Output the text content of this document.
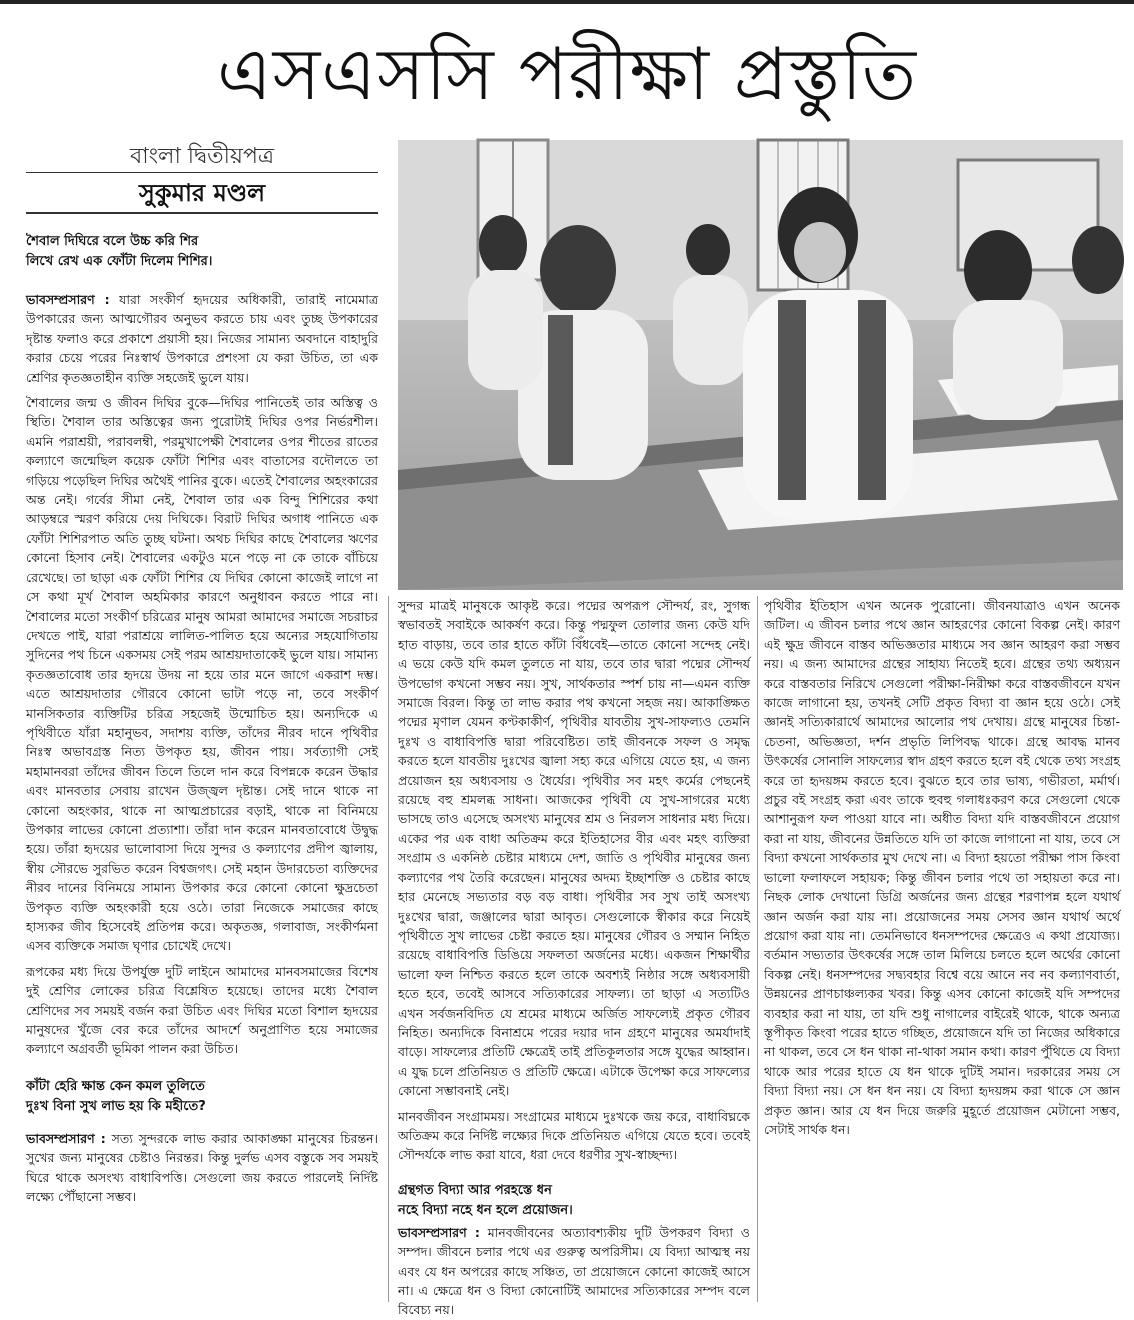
এসএসসি পরীক্ষা প্রস্তুতি
বাংলা দ্বিতীয়পত্র
সুকুমার মণ্ডল

শৈবাল দিঘিরে বলে উচ্চ করি শির
লিখে রেখ এক ফোঁটা দিলেম শিশির।

ভাবসম্প্রসারণ : যারা সংকীর্ণ হৃদয়ের অধিকারী, তারাই নামেমাত্র উপকারের জন্য আত্মগৌরব অনুভব করতে চায় এবং তুচ্ছ উপকারের দৃষ্টান্ত ফলাও করে প্রকাশে প্রয়াসী হয়। নিজের সামান্য অবদানে বাহাদুরি করার চেয়ে পরের নিঃস্বার্থ উপকারে প্রশংসা যে করা উচিত, তা এক শ্রেণির কৃতজ্ঞতাহীন ব্যক্তি সহজেই ভুলে যায়।

শৈবালের জন্ম ও জীবন দিঘির বুকে—দিঘির পানিতেই তার অস্তিত্ব ও স্থিতি। শৈবাল তার অস্তিত্বের জন্য পুরোটাই দিঘির ওপর নির্ভরশীল। এমনি পরাশ্রয়ী, পরাবলম্বী, পরমুখাপেক্ষী শৈবালের ওপর শীতের রাতের কল্যাণে জন্মেছিল কয়েক ফোঁটা শিশির এবং বাতাসের বদৌলতে তা গড়িয়ে পড়েছিল দিঘির অথৈই পানির বুকে। এতেই শৈবালের অহংকারের অন্ত নেই। গর্বের সীমা নেই, শৈবাল তার এক বিন্দু শিশিরের কথা আড়ম্বরে স্মরণ করিয়ে দেয় দিঘিকে। বিরাট দিঘির অগাধ পানিতে এক ফোঁটা শিশিরপাত অতি তুচ্ছ ঘটনা। অথচ দিঘির কাছে শৈবালের ঋণের কোনো হিসাব নেই। শৈবালের একটুও মনে পড়ে না কে তাকে বাঁচিয়ে রেখেছে। তা ছাড়া এক ফোঁটা শিশির যে দিঘির কোনো কাজেই লাগে না সে কথা মূর্খ শৈবাল অহমিকার কারণে অনুধাবন করতে পারে না। শৈবালের মতো সংকীর্ণ চরিত্রের মানুষ আমরা আমাদের সমাজে সচরাচর দেখতে পাই, যারা পরাশ্রয়ে লালিত-পালিত হয়ে অন্যের সহযোগিতায় সুদিনের পথ চিনে একসময় সেই পরম আশ্রয়দাতাকেই ভুলে যায়। সামান্য কৃতজ্ঞতাবোধ তার হৃদয়ে উদয় না হয়ে তার মনে জাগে একরাশ দম্ভ। এতে আশ্রয়দাতার গৌরবে কোনো ভাটা পড়ে না, তবে সংকীর্ণ মানসিকতার ব্যক্তিটির চরিত্র সহজেই উন্মোচিত হয়। অন্যদিকে এ পৃথিবীতে যাঁরা মহানুভব, সদাশয় ব্যক্তি, তাঁদের নীরব দানে পৃথিবীর নিঃস্ব অভাবগ্রস্ত নিত্য উপকৃত হয়, জীবন পায়। সর্বত্যাগী সেই মহামানবরা তাঁদের জীবন তিলে তিলে দান করে বিপন্নকে করেন উদ্ধার এবং মানবতার সেবায় রাখেন উজ্জ্বল দৃষ্টান্ত। সেই দানে থাকে না কোনো অহংকার, থাকে না আত্মপ্রচারের বড়াই, থাকে না বিনিময়ে উপকার লাভের কোনো প্রত্যাশা। তাঁরা দান করেন মানবতাবোধে উদ্বুদ্ধ হয়ে। তাঁরা হৃদয়ের ভালোবাসা দিয়ে সুন্দর ও কল্যাণের প্রদীপ জ্বালায়, স্বীয় সৌরভে সুরভিত করেন বিশ্বজগৎ। সেই মহান উদারচেতা ব্যক্তিদের নীরব দানের বিনিময়ে সামান্য উপকার করে কোনো কোনো ক্ষুদ্রচেতা উপকৃত ব্যক্তি অহংকারী হয়ে ওঠে। তারা নিজেকে সমাজের কাছে হাস্যকর জীব হিসেবেই প্রতিপন্ন করে। অকৃতজ্ঞ, গলাবাজ, সংকীর্ণমনা এসব ব্যক্তিকে সমাজ ঘৃণার চোখেই দেখে।

রূপকের মধ্য দিয়ে উপর্যুক্ত দুটি লাইনে আমাদের মানবসমাজের বিশেষ দুই শ্রেণির লোকের চরিত্র বিশ্লেষিত হয়েছে। তাদের মধ্যে শৈবাল শ্রেণিদের সব সময়ই বর্জন করা উচিত এবং দিঘির মতো বিশাল হৃদয়ের মানুষদের খুঁজে বের করে তাঁদের আদর্শে অনুপ্রাণিত হয়ে সমাজের কল্যাণে অগ্রবর্তী ভূমিকা পালন করা উচিত।

কাঁটা হেরি ক্ষান্ত কেন কমল তুলিতে
দুঃখ বিনা সুখ লাভ হয় কি মহীতে?

ভাবসম্প্রসারণ : সত্য সুন্দরকে লাভ করার আকাঙ্ক্ষা মানুষের চিরন্তন। সুখের জন্য মানুষের চেষ্টাও নিরন্তর। কিন্তু দুর্লভ এসব বস্তুকে সব সময়ই ঘিরে থাকে অসংখ্য বাধাবিপত্তি। সেগুলো জয় করতে পারলেই নির্দিষ্ট লক্ষ্যে পৌঁছানো সম্ভব।

সুন্দর মাত্রই মানুষকে আকৃষ্ট করে। পদ্মের অপরূপ সৌন্দর্য, রং, সুগন্ধ স্বভাবতই সবাইকে আকর্ষণ করে। কিন্তু পদ্মফুল তোলার জন্য কেউ যদি হাত বাড়ায়, তবে তার হাতে কাঁটা বিঁধবেই—তাতে কোনো সন্দেহ নেই। এ ভয়ে কেউ যদি কমল তুলতে না যায়, তবে তার দ্বারা পদ্মের সৌন্দর্য উপভোগ কখনো সম্ভব নয়। সুখ, সার্থকতার স্পর্শ চায় না—এমন ব্যক্তি সমাজে বিরল। কিন্তু তা লাভ করার পথ কখনো সহজ নয়। আকাঙ্ক্ষিত পদ্মের মৃণাল যেমন কণ্টকাকীর্ণ, পৃথিবীর যাবতীয় সুখ-সাফল্যও তেমনি দুঃখ ও বাধাবিপত্তি দ্বারা পরিবেষ্টিত। তাই জীবনকে সফল ও সমৃদ্ধ করতে হলে যাবতীয় দুঃখের জ্বালা সহ্য করে এগিয়ে যেতে হয়, এ জন্য প্রয়োজন হয় অধ্যবসায় ও ধৈর্যের। পৃথিবীর সব মহৎ কর্মের পেছনেই রয়েছে বহু শ্রমলব্ধ সাধনা। আজকের পৃথিবী যে সুখ-সাগরের মধ্যে ভাসছে তাও এসেছে অসংখ্য মানুষের শ্রম ও নিরলস সাধনার মধ্য দিয়ে। একের পর এক বাধা অতিক্রম করে ইতিহাসের বীর এবং মহৎ ব্যক্তিরা সংগ্রাম ও একনিষ্ঠ চেষ্টার মাধ্যমে দেশ, জাতি ও পৃথিবীর মানুষের জন্য কল্যাণের পথ তৈরি করেছেন। মানুষের অদম্য ইচ্ছাশক্তি ও চেষ্টার কাছে হার মেনেছে সভ্যতার বড় বড় বাধা। পৃথিবীর সব সুখ তাই অসংখ্য দুঃখের দ্বারা, জঞ্জালের দ্বারা আবৃত। সেগুলোকে স্বীকার করে নিয়েই পৃথিবীতে সুখ লাভের চেষ্টা করতে হয়। মানুষের গৌরব ও সম্মান নিহিত রয়েছে বাধাবিপত্তি ডিঙিয়ে সফলতা অর্জনের মধ্যে। একজন শিক্ষার্থীর ভালো ফল নিশ্চিত করতে হলে তাকে অবশ্যই নিষ্ঠার সঙ্গে অধ্যবসায়ী হতে হবে, তবেই আসবে সত্যিকারের সাফল্য। তা ছাড়া এ সত্যটিও এখন সর্বজনবিদিত যে শ্রমের মাধ্যমে অর্জিত সাফল্যেই প্রকৃত গৌরব নিহিত। অন্যদিকে বিনাশ্রমে পরের দয়ার দান গ্রহণে মানুষের অমর্যাদাই বাড়ে। সাফল্যের প্রতিটি ক্ষেত্রেই তাই প্রতিকূলতার সঙ্গে যুদ্ধের আহ্বান। এ যুদ্ধ চলে প্রতিনিয়ত ও প্রতিটি ক্ষেত্রে। এটাকে উপেক্ষা করে সাফল্যের কোনো সম্ভাবনাই নেই।

মানবজীবন সংগ্রামময়। সংগ্রামের মাধ্যমে দুঃখকে জয় করে, বাধাবিঘ্নকে অতিক্রম করে নির্দিষ্ট লক্ষ্যের দিকে প্রতিনিয়ত এগিয়ে যেতে হবে। তবেই সৌন্দর্যকে লাভ করা যাবে, ধরা দেবে ধরণীর সুখ-স্বাচ্ছন্দ্য।

গ্রন্থগত বিদ্যা আর পরহস্তে ধন
নহে বিদ্যা নহে ধন হলে প্রয়োজন।

ভাবসম্প্রসারণ : মানবজীবনের অত্যাবশ্যকীয় দুটি উপকরণ বিদ্যা ও সম্পদ। জীবনে চলার পথে এর গুরুত্ব অপরিসীম। যে বিদ্যা আত্মস্থ নয় এবং যে ধন অপরের কাছে সঞ্চিত, তা প্রয়োজনে কোনো কাজেই আসে না। এ ক্ষেত্রে ধন ও বিদ্যা কোনোটিই আমাদের সত্যিকারের সম্পদ বলে বিবেচ্য নয়।

পৃথিবীর ইতিহাস এখন অনেক পুরোনো। জীবনযাত্রাও এখন অনেক জটিল। এ জীবন চলার পথে জ্ঞান আহরণের কোনো বিকল্প নেই। কারণ এই ক্ষুদ্র জীবনে বাস্তব অভিজ্ঞতার মাধ্যমে সব জ্ঞান আহরণ করা সম্ভব নয়। এ জন্য আমাদের গ্রন্থের সাহায্য নিতেই হবে। গ্রন্থের তথ্য অধ্যয়ন করে বাস্তবতার নিরিখে সেগুলো পরীক্ষা-নিরীক্ষা করে বাস্তবজীবনে যখন কাজে লাগানো হয়, তখনই সেটি প্রকৃত বিদ্যা বা জ্ঞান হয়ে ওঠে। সেই জ্ঞানই সত্যিকারার্থে আমাদের আলোর পথ দেখায়। গ্রন্থে মানুষের চিন্তা-চেতনা, অভিজ্ঞতা, দর্শন প্রভৃতি লিপিবদ্ধ থাকে। গ্রন্থে আবদ্ধ মানব উৎকর্ষের সোনালি সাফল্যের স্বাদ গ্রহণ করতে হলে বই থেকে তথ্য সংগ্রহ করে তা হৃদয়ঙ্গম করতে হবে। বুঝতে হবে তার ভাষ্য, গভীরতা, মর্মার্থ। প্রচুর বই সংগ্রহ করা এবং তাকে হুবহু গলাধঃকরণ করে সেগুলো থেকে আশানুরূপ ফল পাওয়া যাবে না। অধীত বিদ্যা যদি বাস্তবজীবনে প্রয়োগ করা না যায়, জীবনের উন্নতিতে যদি তা কাজে লাগানো না যায়, তবে সে বিদ্যা কখনো সার্থকতার মুখ দেখে না। এ বিদ্যা হয়তো পরীক্ষা পাস কিংবা ভালো ফলাফলে সহায়ক; কিন্তু জীবন চলার পথে তা সহায়তা করে না। নিছক লোক দেখানো ডিগ্রি অর্জনের জন্য গ্রন্থের শরণাপন্ন হলে যথার্থ জ্ঞান অর্জন করা যায় না। প্রয়োজনের সময় সেসব জ্ঞান যথার্থ অর্থে প্রয়োগ করা যায় না। তেমনিভাবে ধনসম্পদের ক্ষেত্রেও এ কথা প্রযোজ্য। বর্তমান সভ্যতার উৎকর্ষের সঙ্গে তাল মিলিয়ে চলতে হলে অর্থের কোনো বিকল্প নেই। ধনসম্পদের সদ্ব্যবহার বিশ্বে বয়ে আনে নব নব কল্যাণবার্তা, উন্নয়নের প্রাণচাঞ্চল্যকর খবর। কিন্তু এসব কোনো কাজেই যদি সম্পদের ব্যবহার করা না যায়, তা যদি শুধু নাগালের বাইরেই থাকে, থাকে অন্যত্র স্তূপীকৃত কিংবা পরের হাতে গচ্ছিত, প্রয়োজনে যদি তা নিজের অধিকারে না থাকল, তবে সে ধন থাকা না-থাকা সমান কথা। কারণ পুঁথিতে যে বিদ্যা থাকে আর পরের হাতে যে ধন থাকে দুটিই সমান। দরকারের সময় সে বিদ্যা বিদ্যা নয়। সে ধন ধন নয়। যে বিদ্যা হৃদয়ঙ্গম করা থাকে সে জ্ঞান প্রকৃত জ্ঞান। আর যে ধন দিয়ে জরুরি মুহূর্তে প্রয়োজন মেটানো সম্ভব, সেটাই সার্থক ধন।
